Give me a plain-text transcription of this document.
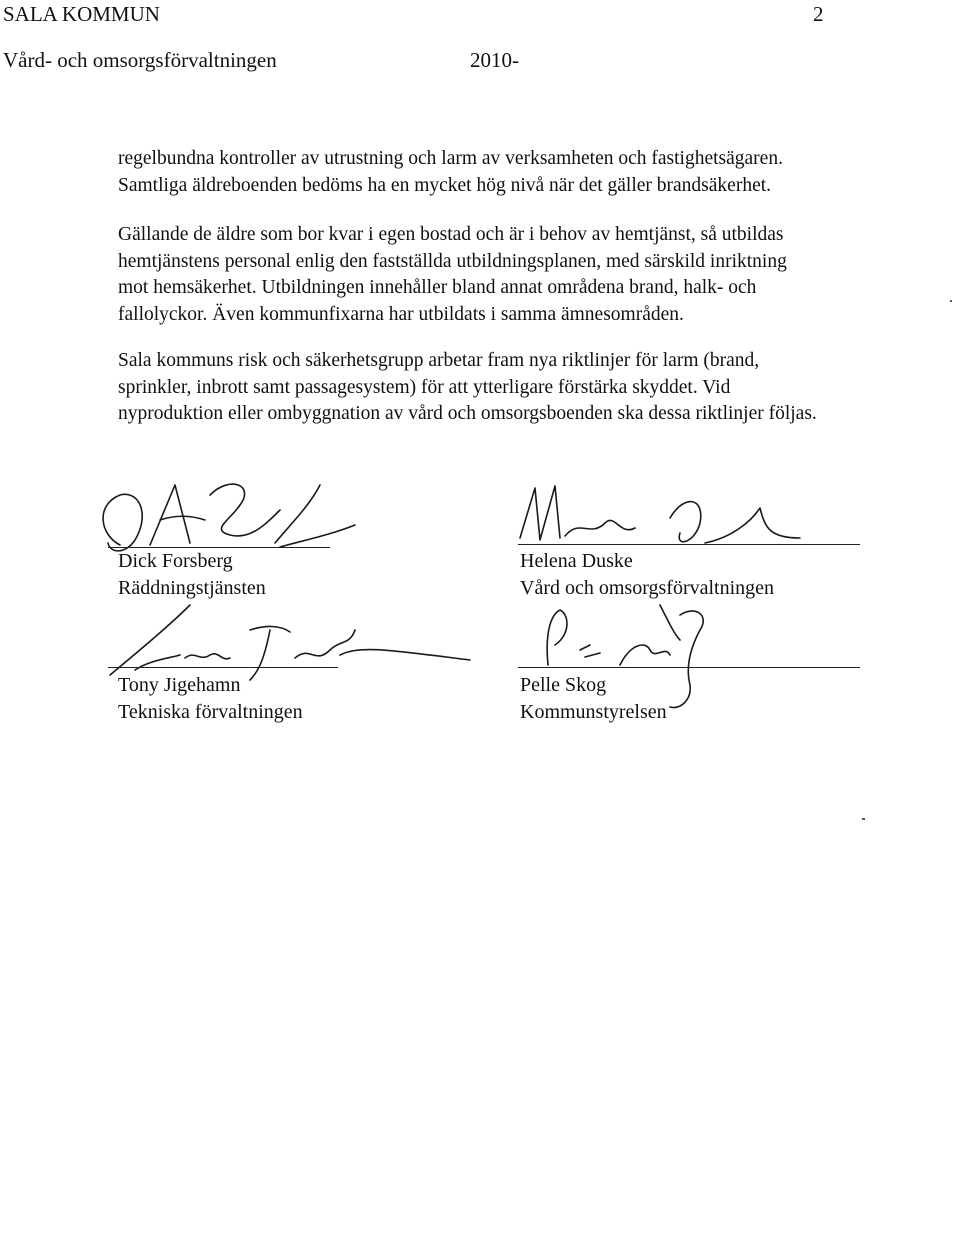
SALA KOMMUN	2
Vård- och omsorgsförvaltningen	2010-
regelbundna kontroller av utrustning och larm av verksamheten och fastighetsägaren.
Samtliga äldreboenden bedöms ha en mycket hög nivå när det gäller brandsäkerhet.
Gällande de äldre som bor kvar i egen bostad och är i behov av hemtjänst, så utbildas
hemtjänstens personal enlig den fastställda utbildningsplanen, med särskild inriktning
mot hemsäkerhet. Utbildningen innehåller bland annat områdena brand, halk- och
fallolyckor. Även kommunfixarna har utbildats i samma ämnesområden.
Sala kommuns risk och säkerhetsgrupp arbetar fram nya riktlinjer för larm (brand,
sprinkler, inbrott samt passagesystem) för att ytterligare förstärka skyddet. Vid
nyproduktion eller ombyggnation av vård och omsorgsboenden ska dessa riktlinjer följas.
Dick Forsberg
Räddningstjänsten
Helena Duske
Vård och omsorgsförvaltningen
Tony Jigehamn
Tekniska förvaltningen
Pelle Skog
Kommunstyrelsen
